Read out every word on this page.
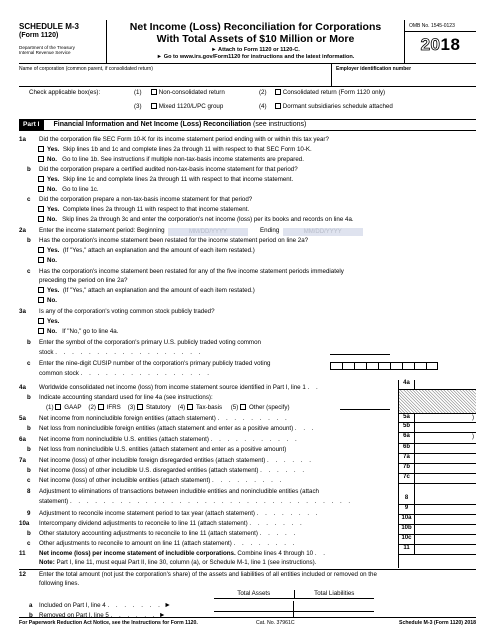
SCHEDULE M-3
(Form 1120)
Department of the Treasury
Internal Revenue Service
Net Income (Loss) Reconciliation for Corporations
With Total Assets of $10 Million or More
► Attach to Form 1120 or 1120-C.
► Go to www.irs.gov/Form1120 for instructions and the latest information.
OMB No. 1545-0123
2018
Name of corporation (common parent, if consolidated return)	Employer identification number
Check applicable box(es):	(1)	Non-consolidated return	(2)	Consolidated return (Form 1120 only)
(3)	Mixed 1120/L/PC group	(4)	Dormant subsidiaries schedule attached
Part I	Financial Information and Net Income (Loss) Reconciliation (see instructions)
1a Did the corporation file SEC Form 10-K for its income statement period ending with or within this tax year?
Yes. Skip lines 1b and 1c and complete lines 2a through 11 with respect to that SEC Form 10-K.
No. Go to line 1b. See instructions if multiple non-tax-basis income statements are prepared.
b Did the corporation prepare a certified audited non-tax-basis income statement for that period?
Yes. Skip line 1c and complete lines 2a through 11 with respect to that income statement.
No. Go to line 1c.
c Did the corporation prepare a non-tax-basis income statement for that period?
Yes. Complete lines 2a through 11 with respect to that income statement.
No. Skip lines 2a through 3c and enter the corporation's net income (loss) per its books and records on line 4a.
2a Enter the income statement period: Beginning	MM/DD/YYYY	Ending	MM/DD/YYYY
b Has the corporation's income statement been restated for the income statement period on line 2a?
Yes. (If "Yes," attach an explanation and the amount of each item restated.)
No.
c Has the corporation's income statement been restated for any of the five income statement periods immediately
preceding the period on line 2a?
Yes. (If "Yes," attach an explanation and the amount of each item restated.)
No.
3a Is any of the corporation's voting common stock publicly traded?
Yes.
No. If "No," go to line 4a.
b Enter the symbol of the corporation's primary U.S. publicly traded voting common
stock . . . . . . . . . . . . . . . . . .
c Enter the nine-digit CUSIP number of the corporation's primary publicly traded voting
common stock . . . . . . . . . . . . . . . .
4a Worldwide consolidated net income (loss) from income statement source identified in Part I, line 1 . .
b Indicate accounting standard used for line 4a (see instructions):
(1) GAAP (2) IFRS (3) Statutory (4) Tax-basis (5) Other (specify)
5a Net income from nonincludible foreign entities (attach statement) . . . . . . . . .
b Net loss from nonincludible foreign entities (attach statement and enter as a positive amount) . . .
6a Net income from nonincludible U.S. entities (attach statement) . . . . . . . . . . .
b Net loss from nonincludible U.S. entities (attach statement and enter as a positive amount)
7a Net income (loss) of other includible foreign disregarded entities (attach statement) . . . . . .
b Net income (loss) of other includible U.S. disregarded entities (attach statement) . . . . . .
c Net income (loss) of other includible entities (attach statement) . . . . . . . . .
8 Adjustment to eliminations of transactions between includible entities and nonincludible entities (attach
statement) . . . . . . . . . . . . . . . . . . . . . . . . . . . . . . . . . .
9 Adjustment to reconcile income statement period to tax year (attach statement) . . . . . . . .
10a Intercompany dividend adjustments to reconcile to line 11 (attach statement) . . . . . . .
b Other statutory accounting adjustments to reconcile to line 11 (attach statement) . . . . .
c Other adjustments to reconcile to amount on line 11 (attach statement) . . . . . . . .
11 Net income (loss) per income statement of includible corporations. Combine lines 4 through 10 . .
Note: Part I, line 11, must equal Part II, line 30, column (a), or Schedule M-1, line 1 (see instructions).
4a
5a	)
5b
6a	)
6b
7a
7b
7c
8
9
10a
10b
10c
11
12 Enter the total amount (not just the corporation's share) of the assets and liabilities of all entities included or removed on the
following lines.
Total Assets	Total Liabilities
a Included on Part I, line 4 . . . . . . . ►
b Removed on Part I, line 5 . . . . . . ►
For Paperwork Reduction Act Notice, see the Instructions for Form 1120.	Cat. No. 37961C	Schedule M-3 (Form 1120) 2018
